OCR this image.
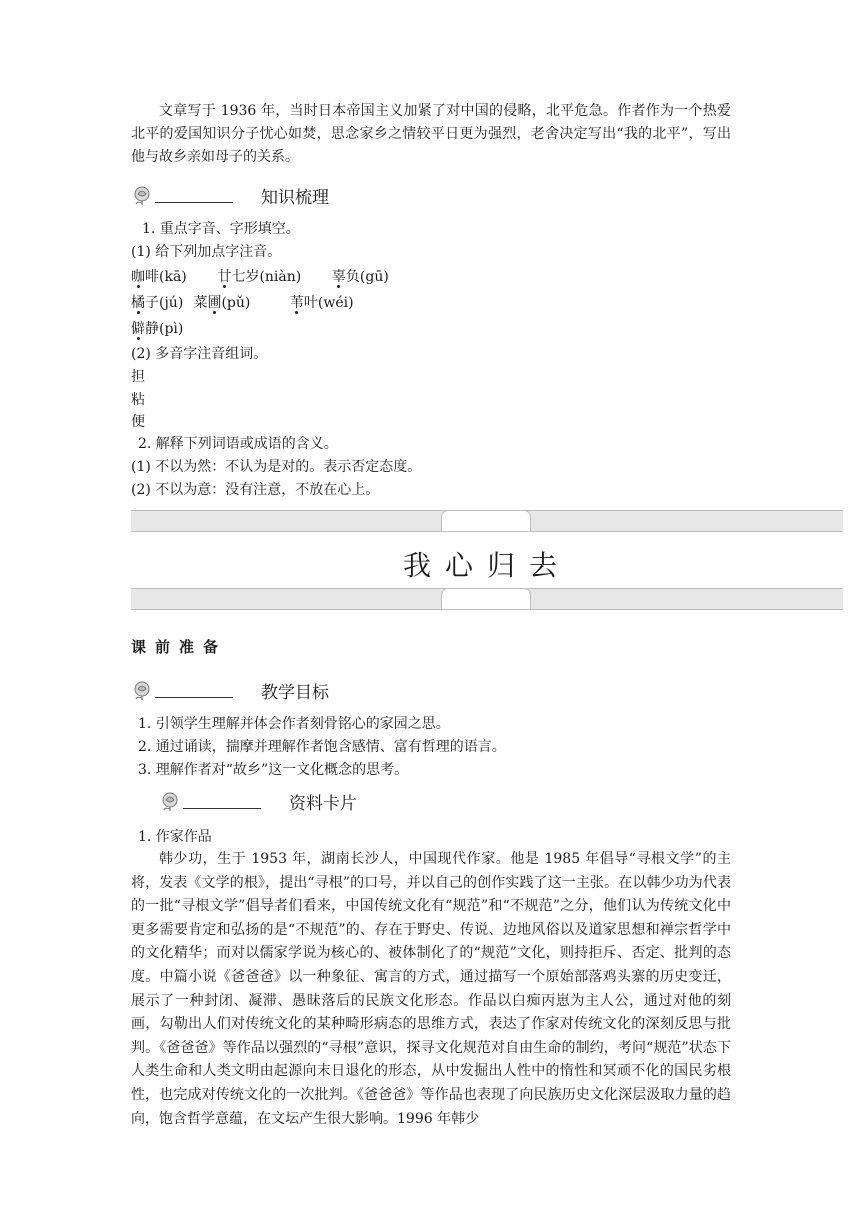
文章写于 1936 年，当时日本帝国主义加紧了对中国的侵略，北平危急。作者作为一个热爱北平的爱国知识分子忧心如焚，思念家乡之情较平日更为强烈，老舍决定写出“我的北平”，写出他与故乡亲如母子的关系。

知识梳理

1. 重点字音、字形填空。

(1) 给下列加点字注音。

咖啡(kā) 廿七岁(niàn) 辜负(gū)
橘子(jú) 菜圃(pǔ)	苇叶(wéi)
僻静(pì)

(2) 多音字注音组词。

担

粘

便

2. 解释下列词语或成语的含义。

(1) 不以为然：不认为是对的。表示否定态度。

(2) 不以为意：没有注意，不放在心上。

我心归去
课前准备
教学目标

1. 引领学生理解并体会作者刻骨铭心的家园之思。

2. 通过诵读，揣摩并理解作者饱含感情、富有哲理的语言。

3. 理解作者对“故乡”这一文化概念的思考。

资料卡片

1. 作家作品

韩少功，生于 1953 年，湖南长沙人，中国现代作家。他是 1985 年倡导“寻根文学”的主将，发表《文学的根》，提出“寻根”的口号，并以自己的创作实践了这一主张。在以韩少功为代表的一批“寻根文学”倡导者们看来，中国传统文化有“规范”和“不规范”之分，他们认为传统文化中更多需要肯定和弘扬的是“不规范”的、存在于野史、传说、边地风俗以及道家思想和禅宗哲学中的文化精华；而对以儒家学说为核心的、被体制化了的“规范”文化，则持拒斥、否定、批判的态度。中篇小说《爸爸爸》以一种象征、寓言的方式，通过描写一个原始部落鸡头寨的历史变迁，展示了一种封闭、凝滞、愚昧落后的民族文化形态。作品以白痴丙崽为主人公，通过对他的刻画，勾勒出人们对传统文化的某种畸形病态的思维方式，表达了作家对传统文化的深刻反思与批判。《爸爸爸》等作品以强烈的“寻根”意识，探寻文化规范对自由生命的制约，考问“规范”状态下人类生命和人类文明由起源向末日退化的形态，从中发掘出人性中的惰性和冥顽不化的国民劣根性，也完成对传统文化的一次批判。《爸爸爸》等作品也表现了向民族历史文化深层汲取力量的趋向，饱含哲学意蕴，在文坛产生很大影响。1996 年韩少
